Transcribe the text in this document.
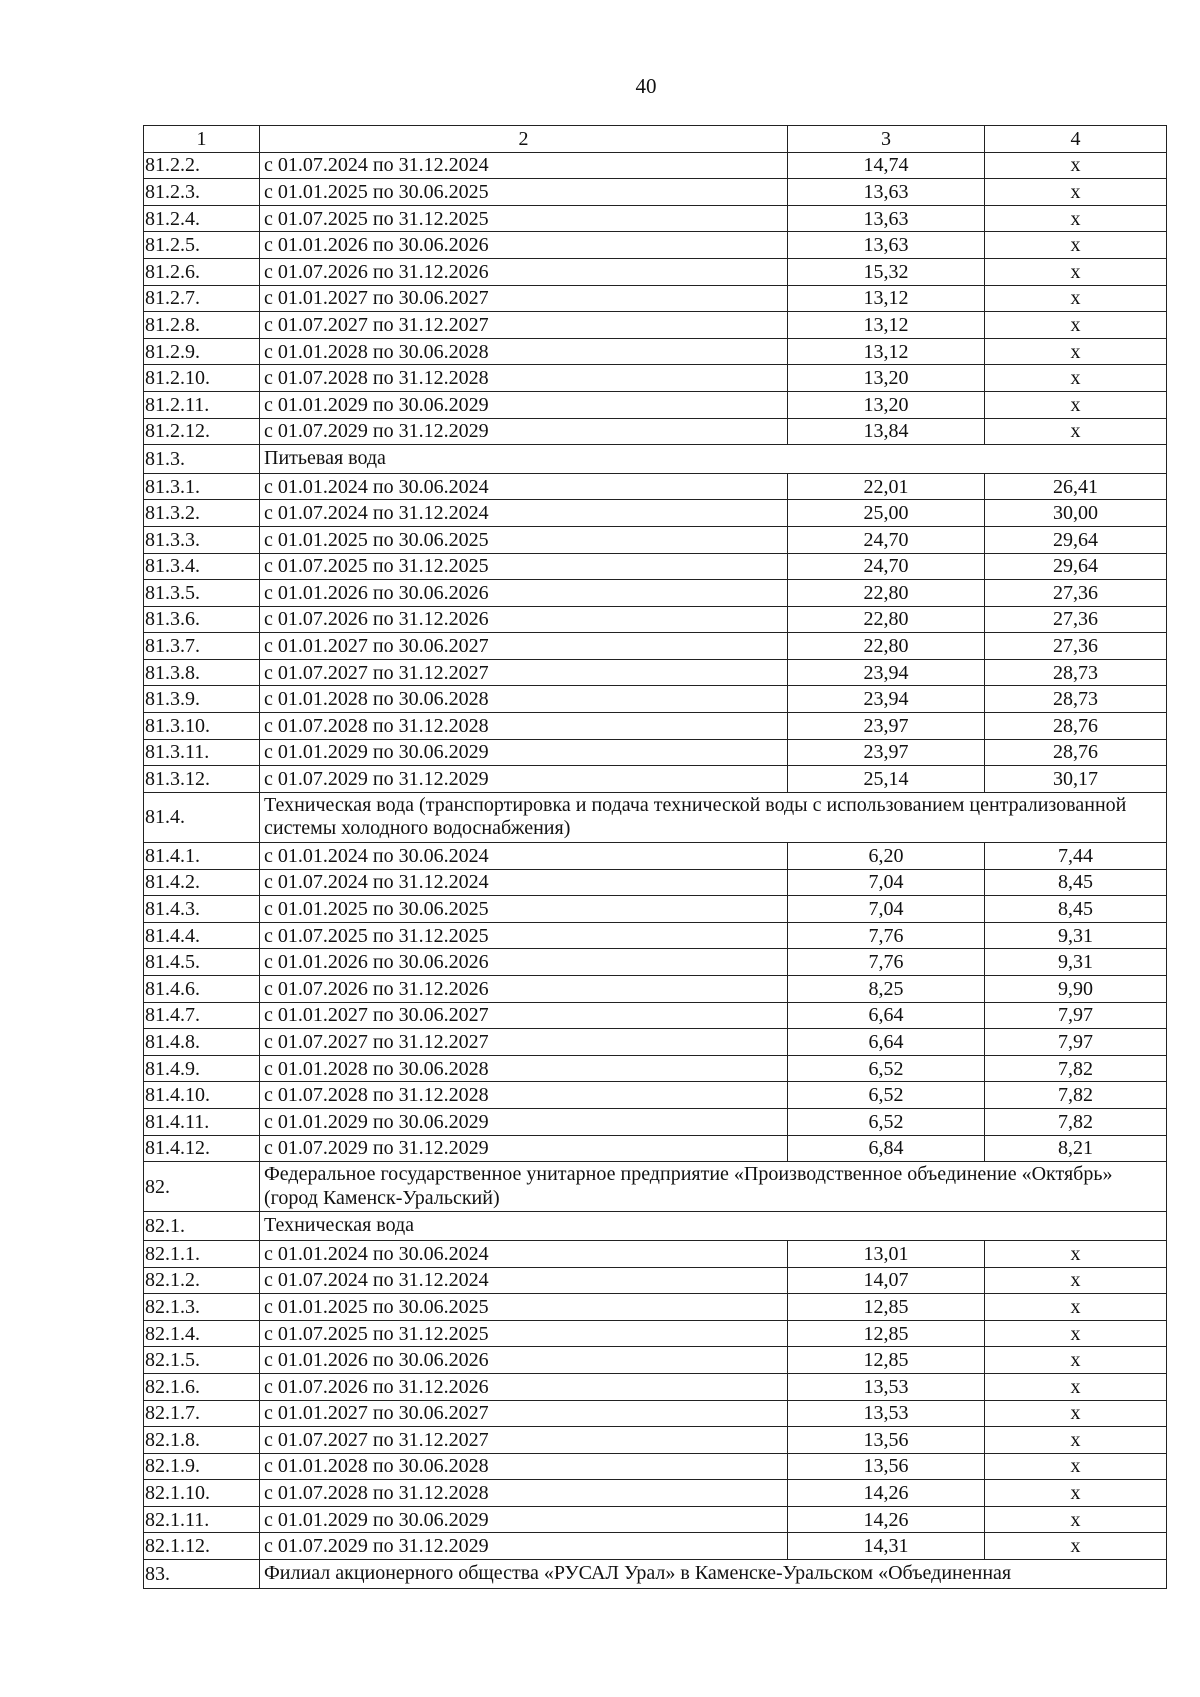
40
1	2	3	4
81.2.2.	с 01.07.2024 по 31.12.2024	14,74	х
81.2.3.	с 01.01.2025 по 30.06.2025	13,63	х
81.2.4.	с 01.07.2025 по 31.12.2025	13,63	х
81.2.5.	с 01.01.2026 по 30.06.2026	13,63	х
81.2.6.	с 01.07.2026 по 31.12.2026	15,32	х
81.2.7.	с 01.01.2027 по 30.06.2027	13,12	х
81.2.8.	с 01.07.2027 по 31.12.2027	13,12	х
81.2.9.	с 01.01.2028 по 30.06.2028	13,12	х
81.2.10.	с 01.07.2028 по 31.12.2028	13,20	х
81.2.11.	с 01.01.2029 по 30.06.2029	13,20	х
81.2.12.	с 01.07.2029 по 31.12.2029	13,84	х
81.3.	Питьевая вода		
81.3.1.	с 01.01.2024 по 30.06.2024	22,01	26,41
81.3.2.	с 01.07.2024 по 31.12.2024	25,00	30,00
81.3.3.	с 01.01.2025 по 30.06.2025	24,70	29,64
81.3.4.	с 01.07.2025 по 31.12.2025	24,70	29,64
81.3.5.	с 01.01.2026 по 30.06.2026	22,80	27,36
81.3.6.	с 01.07.2026 по 31.12.2026	22,80	27,36
81.3.7.	с 01.01.2027 по 30.06.2027	22,80	27,36
81.3.8.	с 01.07.2027 по 31.12.2027	23,94	28,73
81.3.9.	с 01.01.2028 по 30.06.2028	23,94	28,73
81.3.10.	с 01.07.2028 по 31.12.2028	23,97	28,76
81.3.11.	с 01.01.2029 по 30.06.2029	23,97	28,76
81.3.12.	с 01.07.2029 по 31.12.2029	25,14	30,17
81.4.	Техническая вода (транспортировка и подача технической воды с использованием централизованной системы холодного водоснабжения)		
81.4.1.	с 01.01.2024 по 30.06.2024	6,20	7,44
81.4.2.	с 01.07.2024 по 31.12.2024	7,04	8,45
81.4.3.	с 01.01.2025 по 30.06.2025	7,04	8,45
81.4.4.	с 01.07.2025 по 31.12.2025	7,76	9,31
81.4.5.	с 01.01.2026 по 30.06.2026	7,76	9,31
81.4.6.	с 01.07.2026 по 31.12.2026	8,25	9,90
81.4.7.	с 01.01.2027 по 30.06.2027	6,64	7,97
81.4.8.	с 01.07.2027 по 31.12.2027	6,64	7,97
81.4.9.	с 01.01.2028 по 30.06.2028	6,52	7,82
81.4.10.	с 01.07.2028 по 31.12.2028	6,52	7,82
81.4.11.	с 01.01.2029 по 30.06.2029	6,52	7,82
81.4.12.	с 01.07.2029 по 31.12.2029	6,84	8,21
82.	Федеральное государственное унитарное предприятие «Производственное объединение «Октябрь» (город Каменск-Уральский)		
82.1.	Техническая вода		
82.1.1.	с 01.01.2024 по 30.06.2024	13,01	х
82.1.2.	с 01.07.2024 по 31.12.2024	14,07	х
82.1.3.	с 01.01.2025 по 30.06.2025	12,85	х
82.1.4.	с 01.07.2025 по 31.12.2025	12,85	х
82.1.5.	с 01.01.2026 по 30.06.2026	12,85	х
82.1.6.	с 01.07.2026 по 31.12.2026	13,53	х
82.1.7.	с 01.01.2027 по 30.06.2027	13,53	х
82.1.8.	с 01.07.2027 по 31.12.2027	13,56	х
82.1.9.	с 01.01.2028 по 30.06.2028	13,56	х
82.1.10.	с 01.07.2028 по 31.12.2028	14,26	х
82.1.11.	с 01.01.2029 по 30.06.2029	14,26	х
82.1.12.	с 01.07.2029 по 31.12.2029	14,31	х
83.	Филиал акционерного общества «РУСАЛ Урал» в Каменске-Уральском «Объединенная		
